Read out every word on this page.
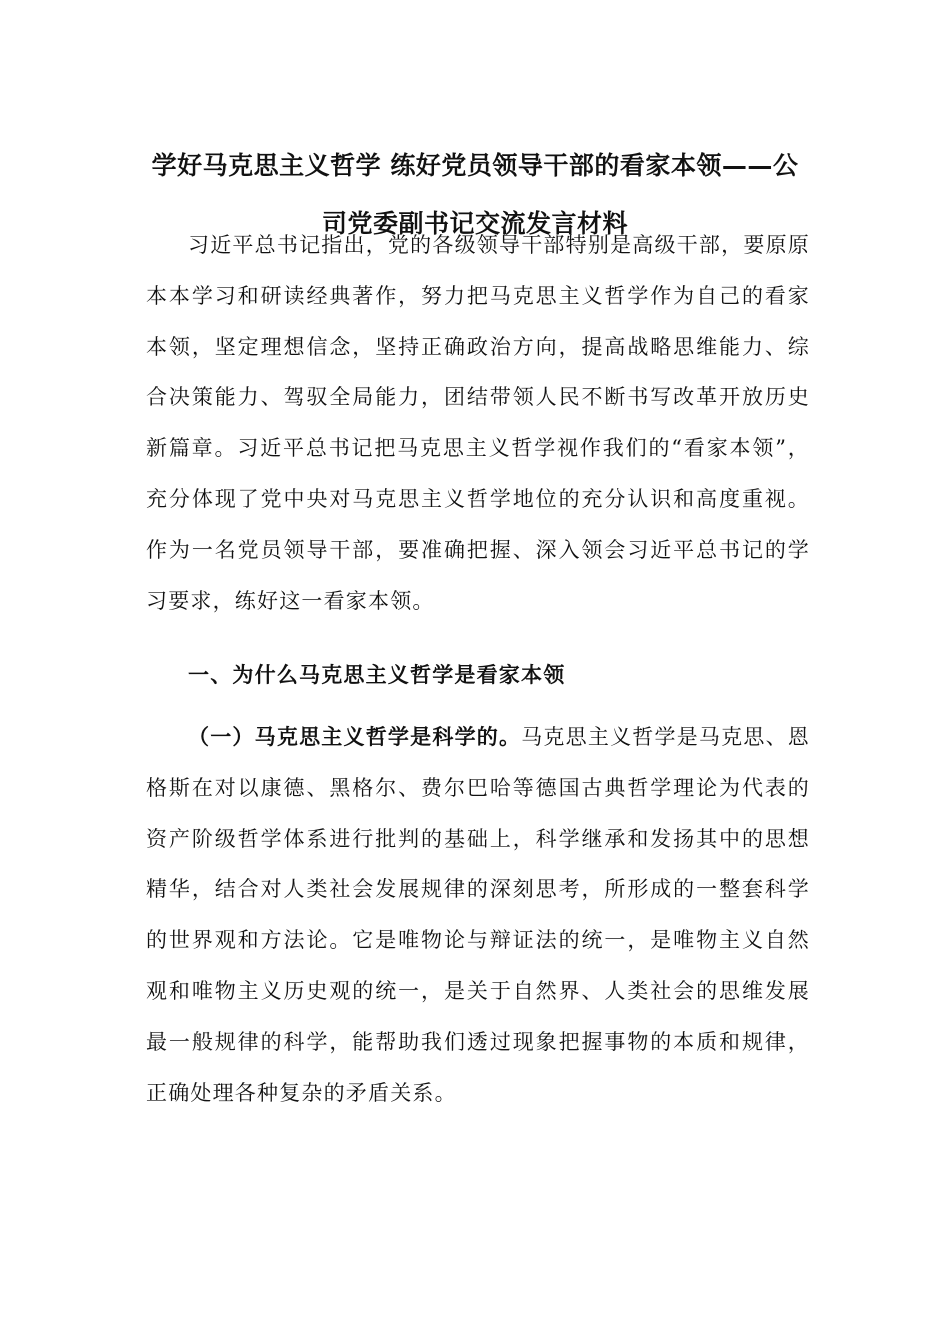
学好马克思主义哲学 练好党员领导干部的看家本领——公司党委副书记交流发言材料

习近平总书记指出，党的各级领导干部特别是高级干部，要原原本本学习和研读经典著作，努力把马克思主义哲学作为自己的看家本领，坚定理想信念，坚持正确政治方向，提高战略思维能力、综合决策能力、驾驭全局能力，团结带领人民不断书写改革开放历史新篇章。习近平总书记把马克思主义哲学视作我们的“看家本领”，充分体现了党中央对马克思主义哲学地位的充分认识和高度重视。作为一名党员领导干部，要准确把握、深入领会习近平总书记的学习要求，练好这一看家本领。

一、为什么马克思主义哲学是看家本领

（一）马克思主义哲学是科学的。马克思主义哲学是马克思、恩格斯在对以康德、黑格尔、费尔巴哈等德国古典哲学理论为代表的资产阶级哲学体系进行批判的基础上，科学继承和发扬其中的思想精华，结合对人类社会发展规律的深刻思考，所形成的一整套科学的世界观和方法论。它是唯物论与辩证法的统一，是唯物主义自然观和唯物主义历史观的统一，是关于自然界、人类社会的思维发展最一般规律的科学，能帮助我们透过现象把握事物的本质和规律，正确处理各种复杂的矛盾关系。
